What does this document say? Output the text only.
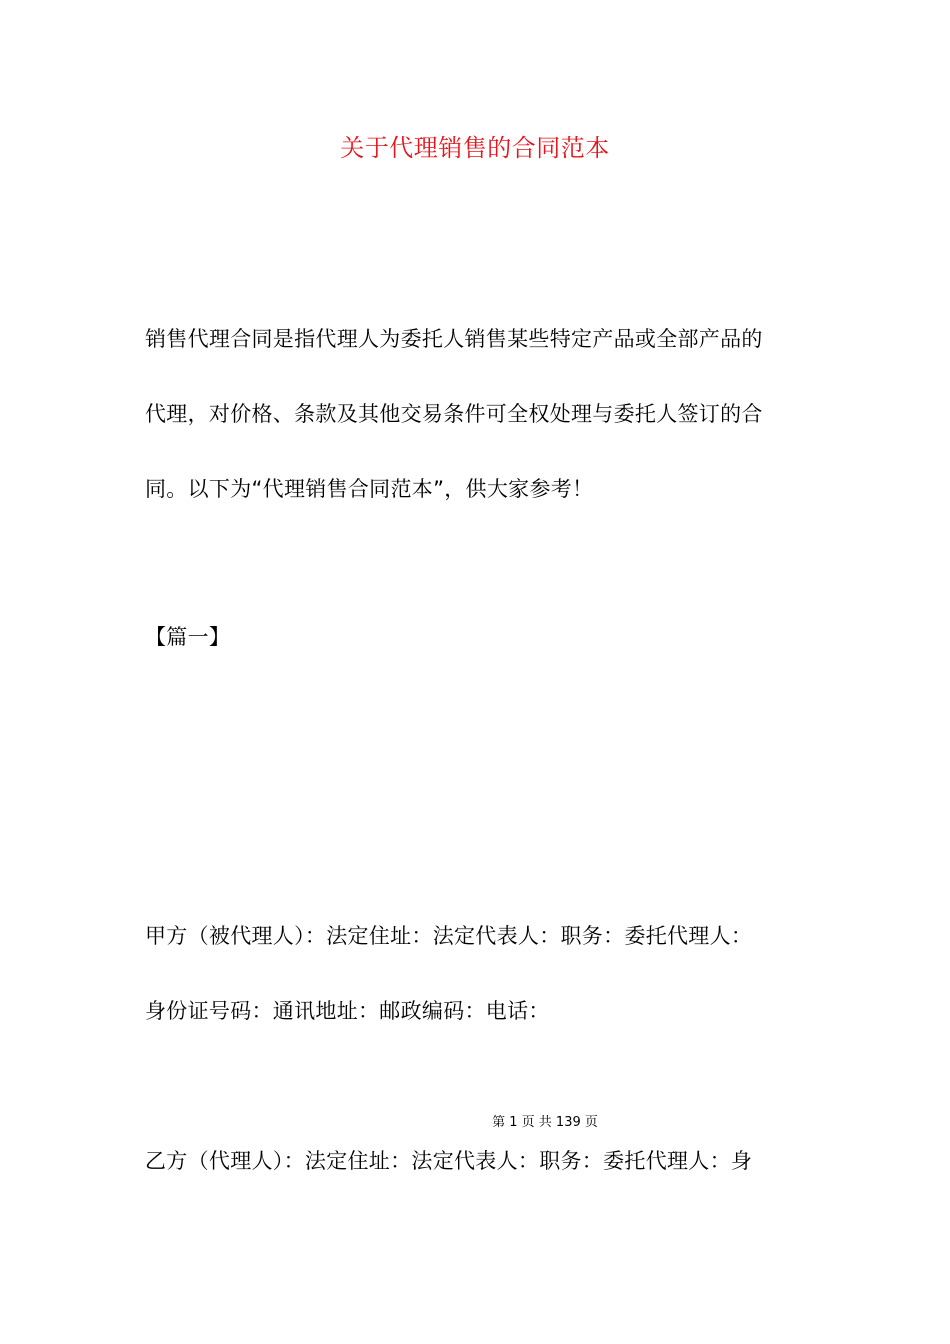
关于代理销售的合同范本
销售代理合同是指代理人为委托人销售某些特定产品或全部产品的
代理，对价格、条款及其他交易条件可全权处理与委托人签订的合
同。以下为“代理销售合同范本”，供大家参考！
【篇一】
甲方（被代理人）：法定住址：法定代表人：职务：委托代理人：
身份证号码：通讯地址：邮政编码：电话：
第 1 页 共 139 页
乙方（代理人）：法定住址：法定代表人：职务：委托代理人：身
